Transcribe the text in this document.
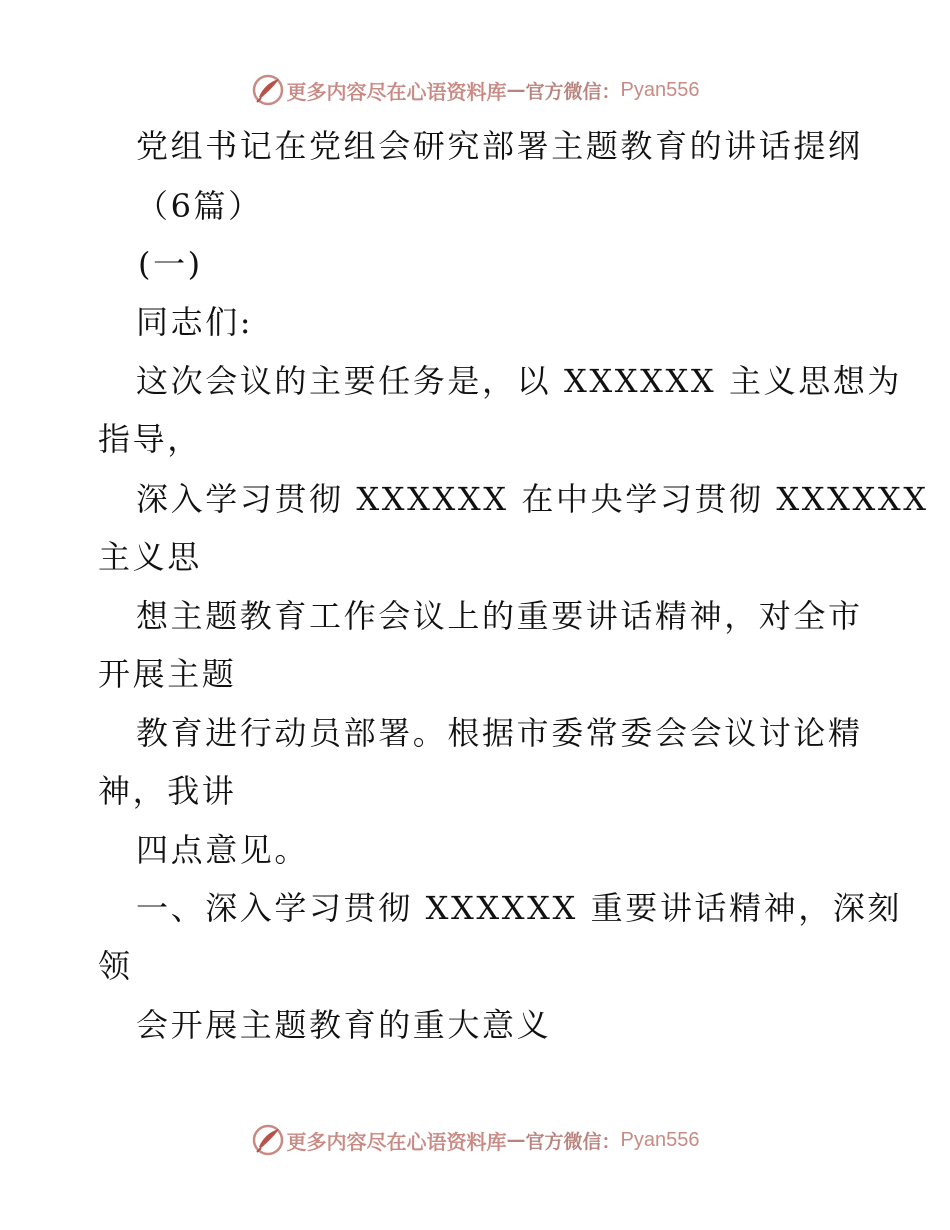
更多内容尽在心语资料库 — 官方微信： Pyan556
党组书记在党组会研究部署主题教育的讲话提纲
（6篇）
(一)
同志们:
这次会议的主要任务是，以 XXXXXX 主义思想为
指导，
深入学习贯彻 XXXXXX 在中央学习贯彻 XXXXXX
主义思
想主题教育工作会议上的重要讲话精神，对全市
开展主题
教育进行动员部署。根据市委常委会会议讨论精
神，我讲
四点意见。
一、深入学习贯彻 XXXXXX 重要讲话精神，深刻
领
会开展主题教育的重大意义
更多内容尽在心语资料库 — 官方微信： Pyan556
